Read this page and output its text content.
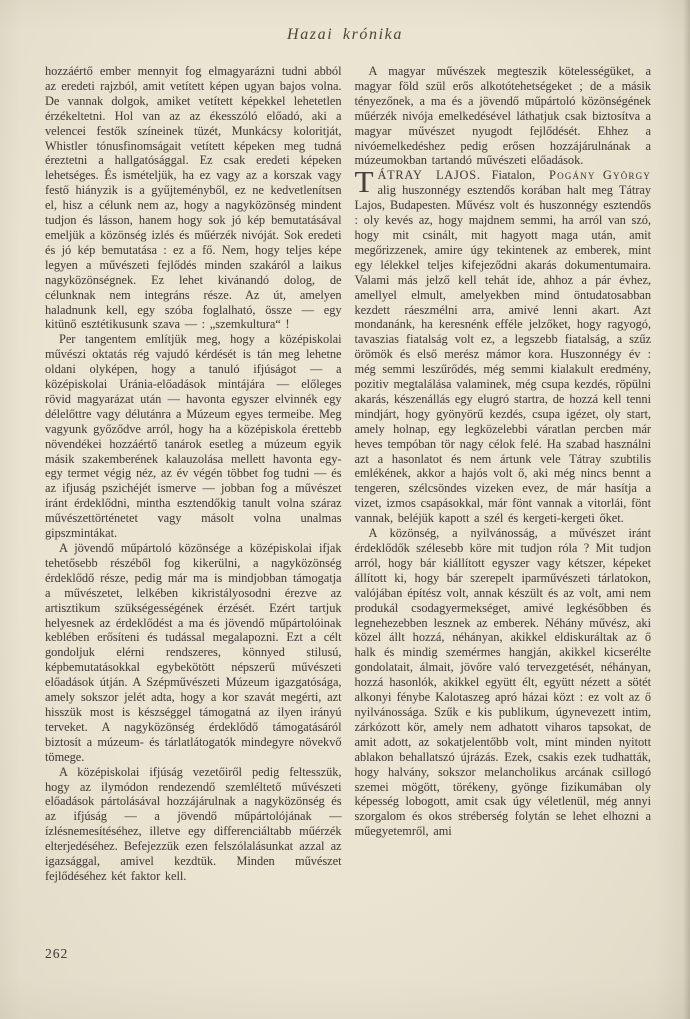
Hazai krónika

hozzáértő ember mennyit fog elmagyarázni tudni abból az eredeti rajzból, amit vetített képen ugyan bajos volna. De vannak dolgok, amiket vetített képekkel lehetetlen érzékeltetni. Hol van az az ékesszóló előadó, aki a velencei festők színeinek tüzét, Munkácsy koloritját, Whistler tónusfinomságait vetített képeken meg tudná éreztetni a hallgatósággal. Ez csak eredeti képeken lehetséges. És ismételjük, ha ez vagy az a korszak vagy festő hiányzik is a gyűjteményből, ez ne kedvetlenítsen el, hisz a célunk nem az, hogy a nagyközönség mindent tudjon és lásson, hanem hogy sok jó kép bemutatásával emeljük a közönség izlés és műérzék nivóját. Sok eredeti és jó kép bemutatása : ez a fő. Nem, hogy teljes képe legyen a művészeti fejlődés minden szakáról a laikus nagyközönségnek. Ez lehet kivánandó dolog, de célunknak nem integráns része. Az út, amelyen haladnunk kell, egy szóba foglalható, össze — egy kitünő esztétikusunk szava — : „szemkultura“ !

Per tangentem említjük meg, hogy a középiskolai művészi oktatás rég vajudó kérdését is tán meg lehetne oldani olyképen, hogy a tanuló ifjúságot — a középiskolai Uránia-előadások mintájára — előleges rövid magyarázat után — havonta egyszer elvinnék egy délelőttre vagy délutánra a Múzeum egyes termeibe. Meg vagyunk győződve arról, hogy ha a középiskola érettebb növendékei hozzáértő tanárok esetleg a múzeum egyik másik szakemberének kalauzolása mellett havonta egy-egy termet végig néz, az év végén többet fog tudni — és az ifjuság pszichéjét ismerve — jobban fog a művészet iránt érdeklődni, mintha esztendőkig tanult volna száraz művészettörténetet vagy másolt volna unalmas gipszmintákat.

A jövendő műpártoló közönsége a középiskolai ifjak tehetősebb részéből fog kikerülni, a nagyközönség érdeklődő része, pedig már ma is mindjobban támogatja a művészetet, lelkében kikristályosodni érezve az artisztikum szükségességének érzését. Ezért tartjuk helyesnek az érdeklődést a ma és jövendő műpártolóinak keblében erősíteni és tudással megalapozni. Ezt a célt gondoljuk elérni rendszeres, könnyed stilusú, képbemutatásokkal egybekötött népszerű művészeti előadások útján. A Szépművészeti Múzeum igazgatósága, amely sokszor jelét adta, hogy a kor szavát megérti, azt hisszük most is készséggel támogatná az ilyen irányú terveket. A nagyközönség érdeklődő támogatásáról biztosít a múzeum- és tárlatlátogatók mindegyre növekvő tömege.

A középiskolai ifjúság vezetőiről pedig feltesszük, hogy az ilymódon rendezendő szemléltető művészeti előadások pártolásával hozzájárulnak a nagyközönség és az ifjúság — a jövendő műpártolójának — ízlésnemesítéséhez, illetve egy differenciáltabb műérzék elterjedéséhez. Befejezzük ezen felszólalásunkat azzal az igazsággal, amivel kezdtük. Minden művészet fejlődéséhez két faktor kell.

A magyar művészek megteszik kötelességüket, a magyar föld szül erős alkotótehetségeket ; de a másik tényezőnek, a ma és a jövendő műpártoló közönségének műérzék nivója emelkedésével láthatjuk csak biztosítva a magyar művészet nyugodt fejlődését. Ehhez a nivóemelkedéshez pedig erősen hozzájárulnának a múzeumokban tartandó művészeti előadások.
Pogány György

TÁTRAY LAJOS. Fiatalon, alig huszonnégy esztendős korában halt meg Tátray Lajos, Budapesten. Művész volt és huszonnégy esztendős : oly kevés az, hogy majdnem semmi, ha arról van szó, hogy mit csinált, mit hagyott maga után, amit megőrizzenek, amire úgy tekintenek az emberek, mint egy lélekkel teljes kifejeződni akarás dokumentumaira. Valami más jelző kell tehát ide, ahhoz a pár évhez, amellyel elmult, amelyekben mind öntudatosabban kezdett ráeszmélni arra, amivé lenni akart. Azt mondanánk, ha keresnénk efféle jelzőket, hogy ragyogó, tavaszias fiatalság volt ez, a legszebb fiatalság, a szűz örömök és első merész mámor kora. Huszonnégy év : még semmi leszűrődés, még semmi kialakult eredmény, pozitiv megtalálása valaminek, még csupa kezdés, röpülni akarás, készenállás egy elugró startra, de hozzá kell tenni mindjárt, hogy gyönyörű kezdés, csupa igézet, oly start, amely holnap, egy legközelebbi váratlan percben már heves tempóban tör nagy célok felé. Ha szabad használni azt a hasonlatot és nem ártunk vele Tátray szubtilis emlékének, akkor a hajós volt ő, aki még nincs bennt a tengeren, szélcsöndes vizeken evez, de már hasítja a vizet, izmos csapásokkal, már fönt vannak a vitorlái, fönt vannak, beléjük kapott a szél és kergeti-kergeti őket.

A közönség, a nyilvánosság, a művészet iránt érdeklődők szélesebb köre mit tudjon róla ? Mit tudjon arról, hogy bár kiállított egyszer vagy kétszer, képeket állított ki, hogy bár szerepelt iparművészeti tárlatokon, valójában építész volt, annak készült és az volt, ami nem produkál csodagyermekséget, amivé legkésőbben és legnehezebben lesznek az emberek. Néhány művész, aki közel állt hozzá, néhányan, akikkel eldiskuráltak az ő halk és mindig szemérmes hangján, akikkel kicserélte gondolatait, álmait, jövőre való tervezgetését, néhányan, hozzá hasonlók, akikkel együtt élt, együtt nézett a sötét alkonyi fénybe Kalotaszeg apró házai közt : ez volt az ő nyilvánossága. Szűk e kis publikum, úgynevezett intim, zárkózott kör, amely nem adhatott viharos tapsokat, de amit adott, az sokatjelentőbb volt, mint minden nyitott ablakon behallatszó újrázás. Ezek, csakis ezek tudhatták, hogy halvány, sokszor melancholikus arcának csillogó szemei mögött, törékeny, gyönge fizikumában oly képesség lobogott, amit csak úgy véletlenül, még annyi szorgalom és okos stréberség folytán se lehet elhozni a műegyetemről, ami

262
